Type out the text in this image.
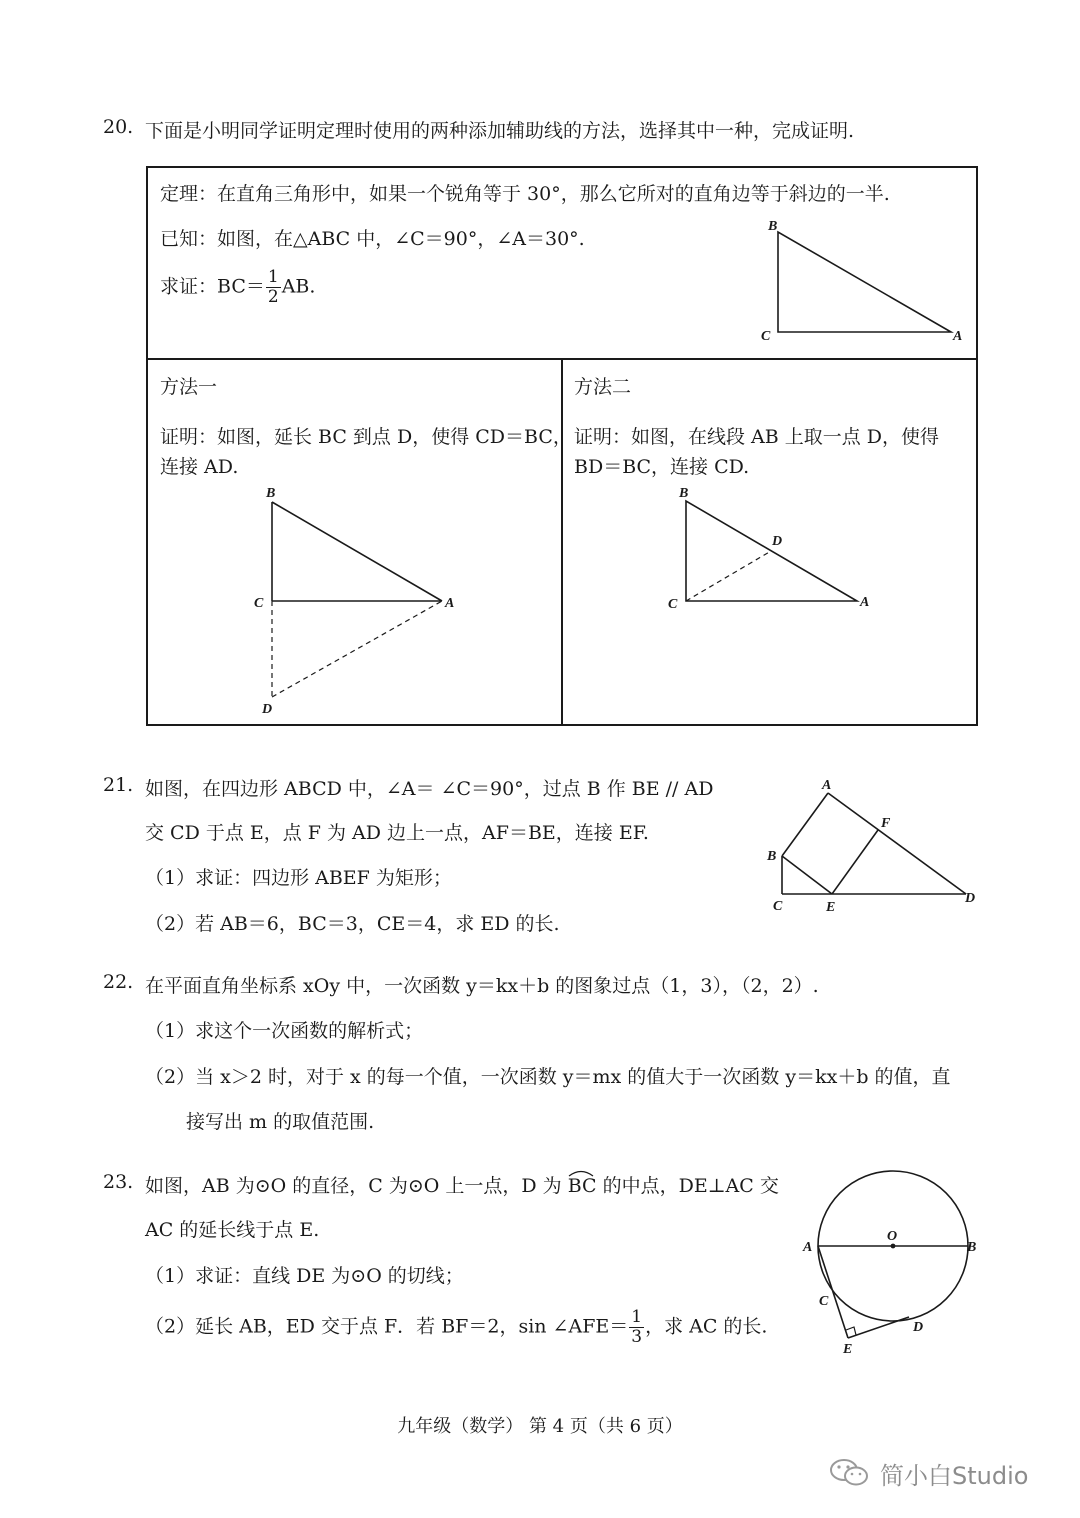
20. 下面是小明同学证明定理时使用的两种添加辅助线的方法，选择其中一种，完成证明.
定理：在直角三角形中，如果一个锐角等于 30°，那么它所对的直角边等于斜边的一半.
已知：如图，在△ABC 中，∠C＝90°，∠A＝30°.
求证：$BC= \frac{1}{2}$ AB.
B
C	A
方法一
证明：如图，延长 BC 到点 D，使得 CD＝BC，
连接 AD.
B
C	A
D
方法二
证明：如图，在线段 AB 上取一点 D，使得
BD＝BC，连接 CD.
B
C	A
D
21. 如图，在四边形 ABCD 中，∠A＝ ∠C＝90°，过点 B 作 BE // AD
交 CD 于点 E，点 F 为 AD 边上一点，AF＝BE，连接 EF.
（1）求证：四边形 ABEF 为矩形；
（2）若 AB＝6，BC＝3，CE＝4，求 ED 的长.
A
F
B
C	E
D
22. 在平面直角坐标系 xOy 中，一次函数 y＝kx＋b 的图象过点（1，3），（2，2）.
（1）求这个一次函数的解析式；
（2）当 x＞2 时，对于 x 的每一个值，一次函数 y＝mx 的值大于一次函数 y＝kx＋b 的值，直
接写出 m 的取值范围.
23. 如图，AB 为⊙O 的直径，C 为⊙O 上一点，D 为 BC
的中点，DE⊥AC 交
AC 的延长线于点 E.
（1）求证：直线 DE 为⊙O 的切线；
（2）延长 AB，ED 交于点 F．若 BF＝2，sin ∠AFE＝ $\frac{1}{3}$ ，求 AC 的长.
O
A	B
C
D
E
九年级（数学） 第 4 页（共 6 页）
简小白Studio
